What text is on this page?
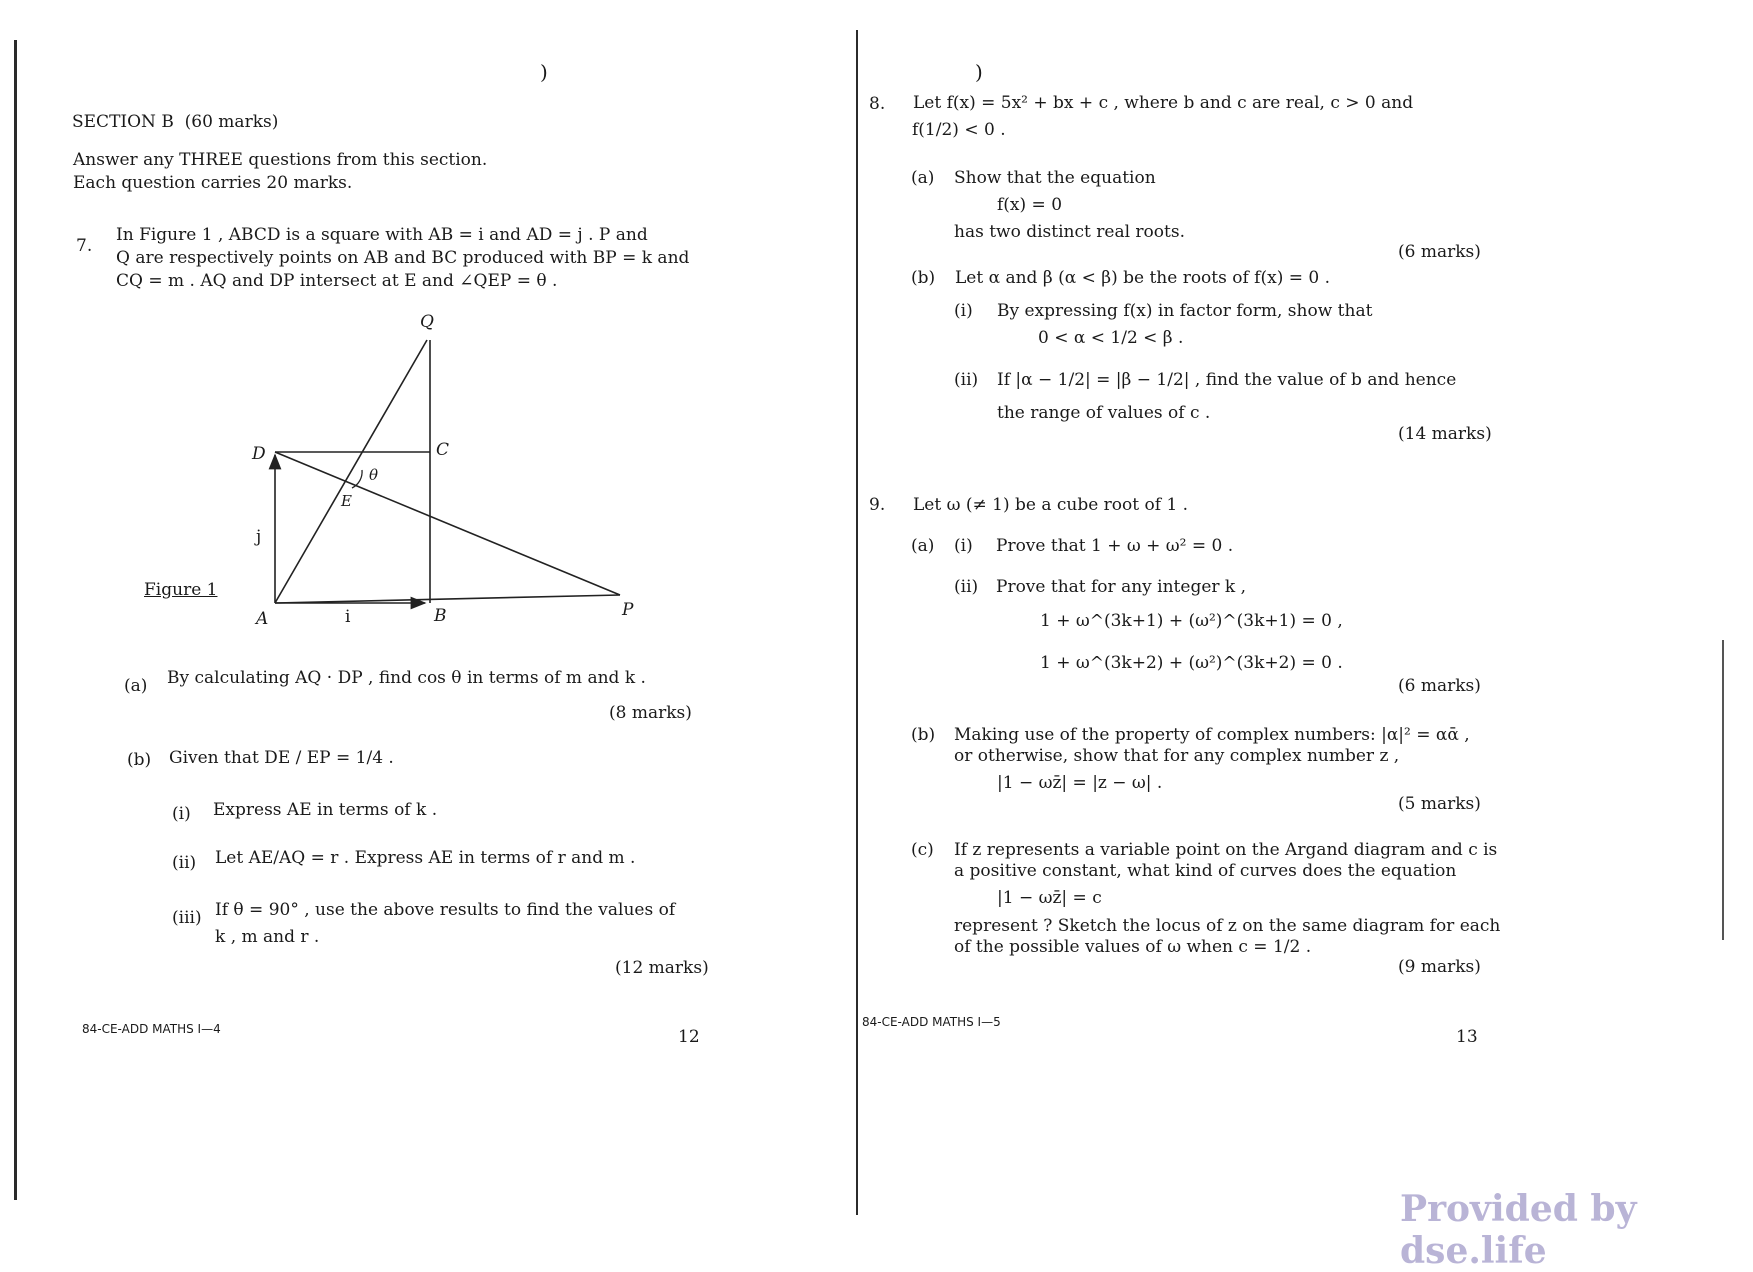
)
SECTION B (60 marks)
Answer any THREE questions from this section.
Each question carries 20 marks.
7.
In Figure 1 , ABCD is a square with AB = i and AD = j . P and
Q are respectively points on AB and BC produced with BP = k and
CQ = m . AQ and DP intersect at E and ∠QEP = θ .
Q
D	C
θ
E
j
A	i	B	P
Figure 1
(a) By calculating AQ · DP , find cos θ in terms of m and k .
(8 marks)
(b) Given that DE / EP = 1/4 .
(i) Express AE in terms of k .
(ii) Let AE/AQ = r . Express AE in terms of r and m .
(iii) If θ = 90° , use the above results to find the values of
k , m and r .
(12 marks)
84-CE-ADD MATHS I—4	12
)
8. Let f(x) = 5x² + bx + c , where b and c are real, c > 0 and
f(1/2) < 0 .
(a) Show that the equation
f(x) = 0
has two distinct real roots.
(6 marks)
(b) Let α and β (α < β) be the roots of f(x) = 0 .
(i) By expressing f(x) in factor form, show that
0 < α < 1/2 < β .
(ii) If |α − 1/2| = |β − 1/2| , find the value of b and hence
the range of values of c .
(14 marks)
9. Let ω (≠ 1) be a cube root of 1 .
(a) (i) Prove that 1 + ω + ω² = 0 .
(ii) Prove that for any integer k ,
1 + ω^(3k+1) + (ω²)^(3k+1) = 0 ,
1 + ω^(3k+2) + (ω²)^(3k+2) = 0 .
(6 marks)
(b) Making use of the property of complex numbers: |α|² = αᾱ ,
or otherwise, show that for any complex number z ,
|1 − ωz̄| = |z − ω| .
(5 marks)
(c) If z represents a variable point on the Argand diagram and c is
a positive constant, what kind of curves does the equation
|1 − ωz̄| = c
represent ? Sketch the locus of z on the same diagram for each
of the possible values of ω when c = 1/2 .
(9 marks)
84-CE-ADD MATHS I—5
13
Provided by dse.life
